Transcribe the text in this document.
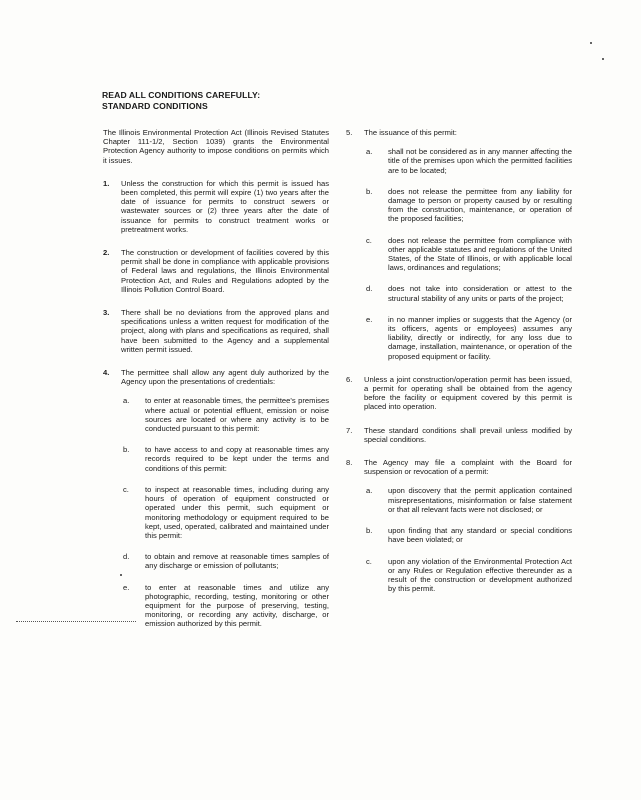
READ ALL CONDITIONS CAREFULLY:
STANDARD CONDITIONS

The Illinois Environmental Protection Act (Illinois Revised Statutes Chapter 111-1/2, Section 1039) grants the Environmental Protection Agency authority to impose conditions on permits which it issues.

1.	Unless the construction for which this permit is issued has been completed, this permit will expire (1) two years after the date of issuance for permits to construct sewers or wastewater sources or (2) three years after the date of issuance for permits to construct treatment works or pretreatment works.
2.	The construction or development of facilities covered by this permit shall be done in compliance with applicable provisions of Federal laws and regulations, the Illinois Environmental Protection Act, and Rules and Regulations adopted by the Illinois Pollution Control Board.
3.	There shall be no deviations from the approved plans and specifications unless a written request for modification of the project, along with plans and specifications as required, shall have been submitted to the Agency and a supplemental written permit issued.
4.	The permittee shall allow any agent duly authorized by the Agency upon the presentations of credentials:
a.	to enter at reasonable times, the permittee's premises where actual or potential effluent, emission or noise sources are located or where any activity is to be conducted pursuant to this permit:
b.	to have access to and copy at reasonable times any records required to be kept under the terms and conditions of this permit:
c.	to inspect at reasonable times, including during any hours of operation of equipment constructed or operated under this permit, such equipment or monitoring methodology or equipment required to be kept, used, operated, calibrated and maintained under this permit:
d.	to obtain and remove at reasonable times samples of any discharge or emission of pollutants;
e.	to enter at reasonable times and utilize any photographic, recording, testing, monitoring or other equipment for the purpose of preserving, testing, monitoring, or recording any activity, discharge, or emission authorized by this permit.
5.	The issuance of this permit:
a.	shall not be considered as in any manner affecting the title of the premises upon which the permitted facilities are to be located;
b.	does not release the permittee from any liability for damage to person or property caused by or resulting from the construction, maintenance, or operation of the proposed facilities;
c.	does not release the permittee from compliance with other applicable statutes and regulations of the United States, of the State of Illinois, or with applicable local laws, ordinances and regulations;
d.	does not take into consideration or attest to the structural stability of any units or parts of the project;
e.	in no manner implies or suggests that the Agency (or its officers, agents or employees) assumes any liability, directly or indirectly, for any loss due to damage, installation, maintenance, or operation of the proposed equipment or facility.
6.	Unless a joint construction/operation permit has been issued, a permit for operating shall be obtained from the agency before the facility or equipment covered by this permit is placed into operation.
7.	These standard conditions shall prevail unless modified by special conditions.
8.	The Agency may file a complaint with the Board for suspension or revocation of a permit:
a.	upon discovery that the permit application contained misrepresentations, misinformation or false statement or that all relevant facts were not disclosed; or
b.	upon finding that any standard or special conditions have been violated; or
c.	upon any violation of the Environmental Protection Act or any Rules or Regulation effective thereunder as a result of the construction or development authorized by this permit.
